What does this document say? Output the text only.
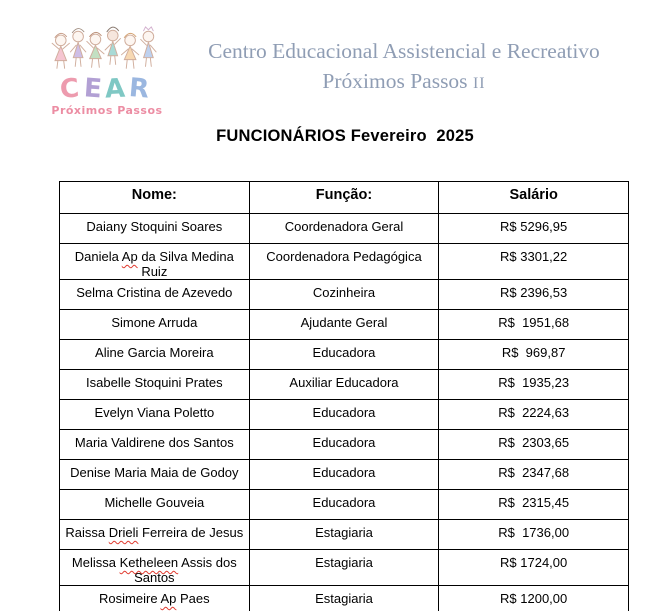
CEAR
Próximos Passos
Centro Educacional Assistencial e Recreativo
Próximos Passos II
FUNCIONÁRIOS Fevereiro  2025
Nome:	Função:	Salário
Daiany Stoquini Soares	Coordenadora Geral	R$ 5296,95
Daniela Ap da Silva Medina Ruiz	Coordenadora Pedagógica	R$ 3301,22
Selma Cristina de Azevedo	Cozinheira	R$ 2396,53
Simone Arruda	Ajudante Geral	R$  1951,68
Aline Garcia Moreira	Educadora	R$  969,87
Isabelle Stoquini Prates	Auxiliar Educadora	R$  1935,23
Evelyn Viana Poletto	Educadora	R$  2224,63
Maria Valdirene dos Santos	Educadora	R$  2303,65
Denise Maria Maia de Godoy	Educadora	R$  2347,68
Michelle Gouveia	Educadora	R$  2315,45
Raissa Drieli Ferreira de Jesus	Estagiaria	R$  1736,00
Melissa Ketheleen Assis dos Santos	Estagiaria	R$ 1724,00
Rosimeire Ap Paes	Estagiaria	R$ 1200,00
